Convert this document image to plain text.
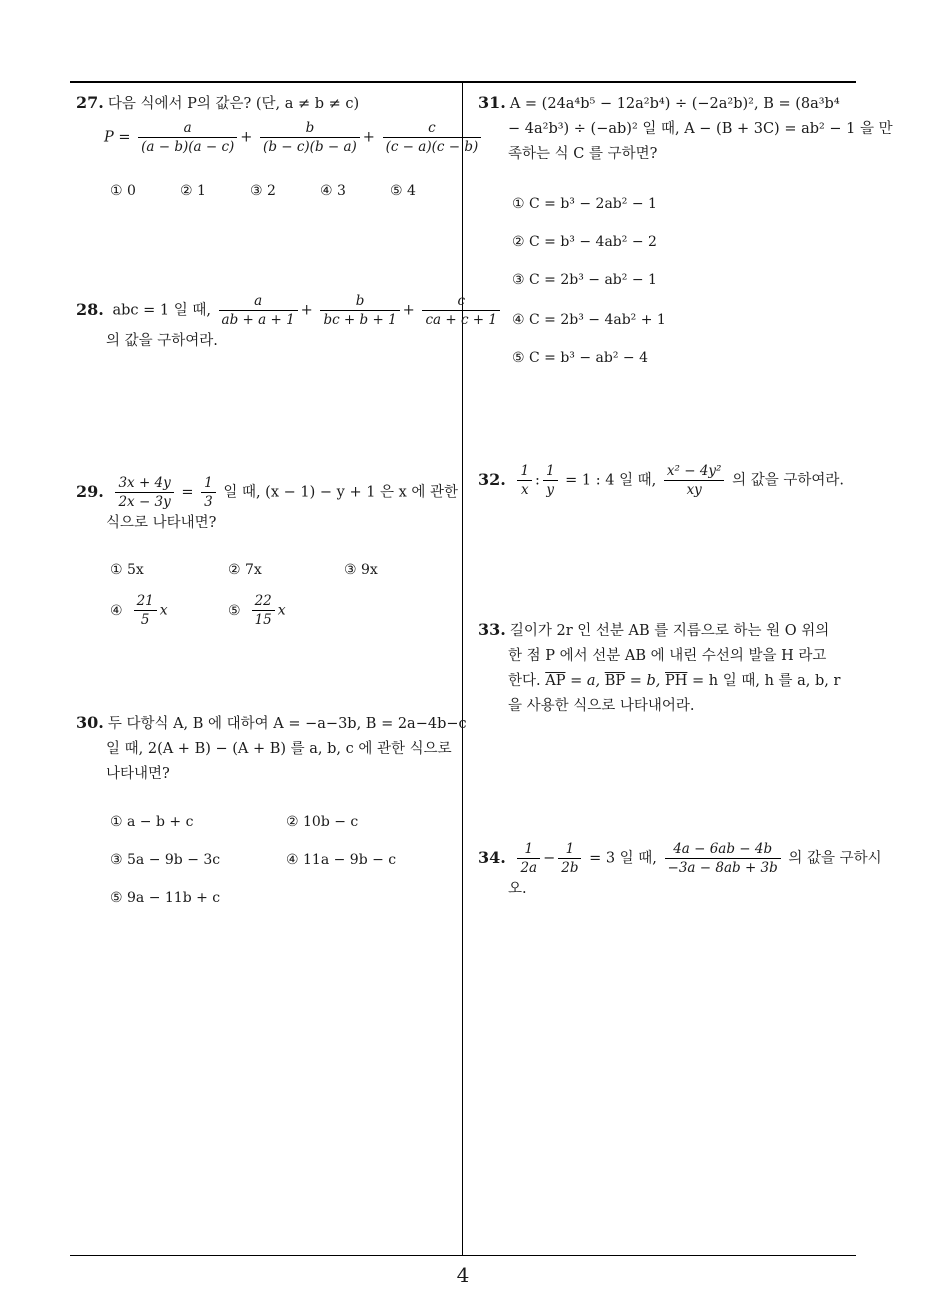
27. 다음 식에서 P의 값은? (단, a ≠ b ≠ c)
$P = \frac{a}{(a - b)(a - c)} + \frac{b}{(b - c)(b - a)} + \frac{c}{(c - a)(c - b)}$
① 0	② 1	③ 2	④ 3	⑤ 4
28. abc = 1 일 때, $\frac{a}{ab + a + 1} + \frac{b}{bc + b + 1} + \frac{c}{ca + c + 1}$
의 값을 구하여라.
29. $\frac{3x + 4y}{2x - 3y} = \frac{1}{3}$ 일 때, (x − 1) − y + 1 은 x 에 관한
식으로 나타내면?
① 5x	② 7x	③ 9x
④ $\frac{21}{5}$ x	⑤ $\frac{22}{15}$ x
30. 두 다항식 A, B 에 대하여 A = −a−3b, B = 2a−4b−c
일 때, 2(A + B) − (A + B) 를 a, b, c 에 관한 식으로
나타내면?
① a − b + c	② 10b − c
③ 5a − 9b − 3c	④ 11a − 9b − c
⑤ 9a − 11b + c
31. A = (24a⁴b⁵ − 12a²b⁴) ÷ (−2a²b)², B = (8a³b⁴
− 4a²b³) ÷ (−ab)² 일 때, A − (B + 3C) = ab² − 1 을 만
족하는 식 C 를 구하면?
① C = b³ − 2ab² − 1
② C = b³ − 4ab² − 2
③ C = 2b³ − ab² − 1
④ C = 2b³ − 4ab² + 1
⑤ C = b³ − ab² − 4
32. $\frac{1}{x}$ : $\frac{1}{y} = 1$ : 4 일 때, $\frac{\text{x² − 4y²}}{xy}$ 의 값을 구하여라.
33. 길이가 2r 인 선분 AB 를 지름으로 하는 원 O 위의
한 점 P 에서 선분 AB 에 내린 수선의 발을 H 라고
한다. $\overline{AP} = a$, $\overline{BP} = b$, $\overline{PH} = h$ 일 때, h 를 a, b, r
을 사용한 식으로 나타내어라.
34. $\frac{1}{2a} - \frac{1}{2b} = 3$ 일 때, $\frac{4a - 6ab - 4b}{-3a - 8ab + 3b}$ 의 값을 구하시
오.
4
